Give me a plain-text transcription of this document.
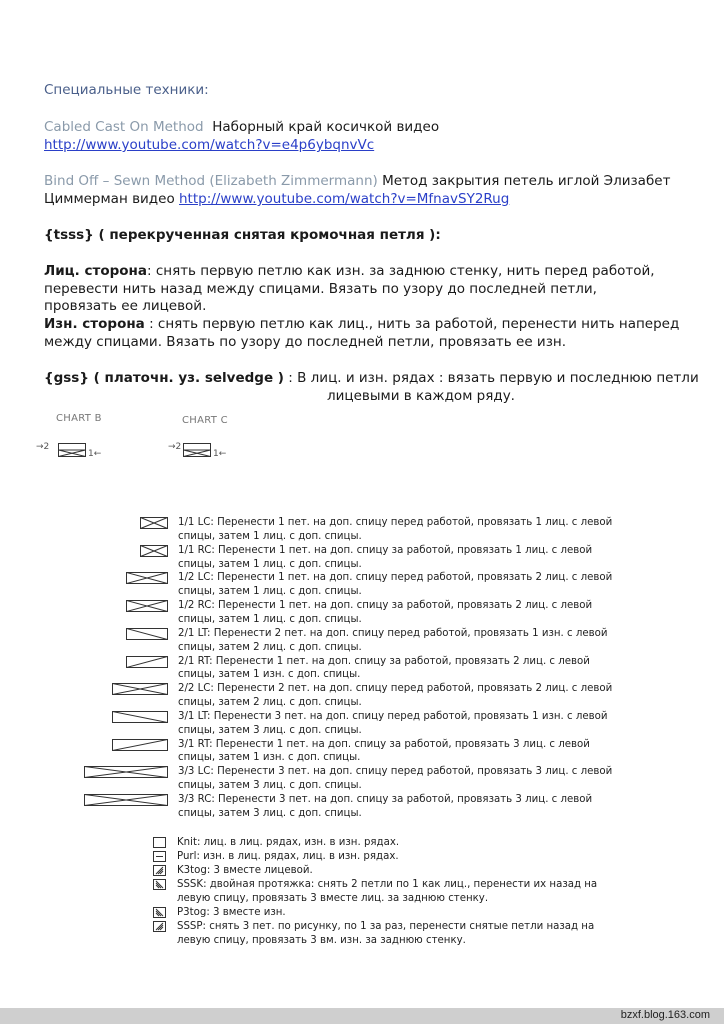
Специальные техники:
Cabled Cast On Method Наборный край косичкой видео
http://www.youtube.com/watch?v=e4p6ybqnvVc
Bind Off – Sewn Method (Elizabeth Zimmermann) Метод закрытия петель иглой Элизабет
Циммерман видео http://www.youtube.com/watch?v=MfnavSY2Rug
{tsss} ( перекрученная снятая кромочная петля ):
Лиц. сторона: снять первую петлю как изн. за заднюю стенку, нить перед работой,
перевести нить назад между спицами. Вязать по узору до последней петли,
провязать ее лицевой.
Изн. сторона : снять первую петлю как лиц., нить за работой, перенести нить наперед
между спицами. Вязать по узору до последней петли, провязать ее изн.
{gss} ( платочн. уз. selvedge ) : В лиц. и изн. рядах : вязать первую и последнюю петли
лицевыми в каждом ряду.
CHART B
→2
1←
CHART C
→2
1←
1/1 LC: Перенести 1 пет. на доп. спицу перед работой, провязать 1 лиц. с левой
спицы, затем 1 лиц. с доп. спицы.
1/1 RC: Перенести 1 пет. на доп. спицу за работой, провязать 1 лиц. с левой
спицы, затем 1 лиц. с доп. спицы.
1/2 LC: Перенести 1 пет. на доп. спицу перед работой, провязать 2 лиц. с левой
спицы, затем 1 лиц. с доп. спицы.
1/2 RC: Перенести 1 пет. на доп. спицу за работой, провязать 2 лиц. с левой
спицы, затем 1 лиц. с доп. спицы.
2/1 LT: Перенести 2 пет. на доп. спицу перед работой, провязать 1 изн. с левой
спицы, затем 2 лиц. с доп. спицы.
2/1 RT: Перенести 1 пет. на доп. спицу за работой, провязать 2 лиц. с левой
спицы, затем 1 изн. с доп. спицы.
2/2 LC: Перенести 2 пет. на доп. спицу перед работой, провязать 2 лиц. с левой
спицы, затем 2 лиц. с доп. спицы.
3/1 LT: Перенести 3 пет. на доп. спицу перед работой, провязать 1 изн. с левой
спицы, затем 3 лиц. с доп. спицы.
3/1 RT: Перенести 1 пет. на доп. спицу за работой, провязать 3 лиц. с левой
спицы, затем 1 изн. с доп. спицы.
3/3 LC: Перенести 3 пет. на доп. спицу перед работой, провязать 3 лиц. с левой
спицы, затем 3 лиц. с доп. спицы.
3/3 RC: Перенести 3 пет. на доп. спицу за работой, провязать 3 лиц. с левой
спицы, затем 3 лиц. с доп. спицы.
Knit: лиц. в лиц. рядах, изн. в изн. рядах.
Purl: изн. в лиц. рядах, лиц. в изн. рядах.
K3tog: 3 вместе лицевой.
SSSK: двойная протяжка: снять 2 петли по 1 как лиц., перенести их назад на
левую спицу, провязать 3 вместе лиц. за заднюю стенку.
P3tog: 3 вместе изн.
SSSP: снять 3 пет. по рисунку, по 1 за раз, перенести снятые петли назад на
левую спицу, провязать 3 вм. изн. за заднюю стенку.
bzxf.blog.163.com
